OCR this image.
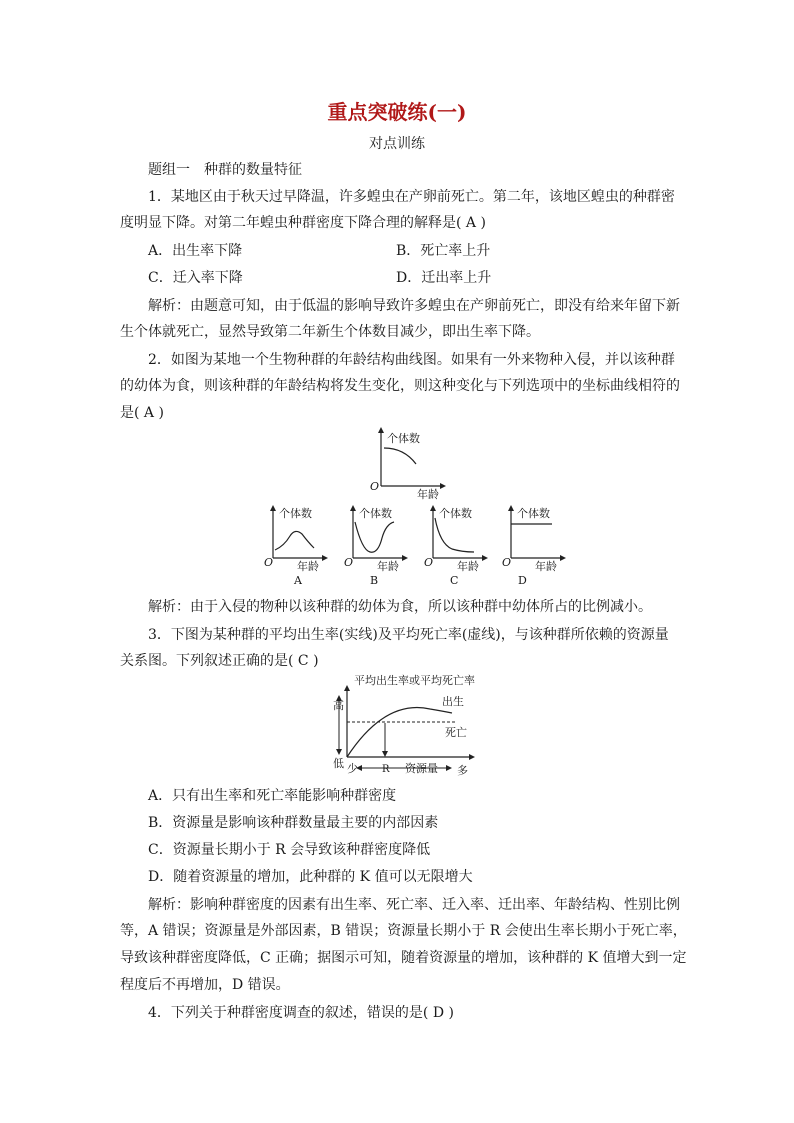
重点突破练(一)
对点训练
题组一　种群的数量特征
1．某地区由于秋天过早降温，许多蝗虫在产卵前死亡。第二年，该地区蝗虫的种群密
度明显下降。对第二年蝗虫种群密度下降合理的解释是( A )
A．出生率下降	B．死亡率上升
C．迁入率下降	D．迁出率上升
解析：由题意可知，由于低温的影响导致许多蝗虫在产卵前死亡，即没有给来年留下新
生个体就死亡，显然导致第二年新生个体数目减少，即出生率下降。
2．如图为某地一个生物种群的年龄结构曲线图。如果有一外来物种入侵，并以该种群
的幼体为食，则该种群的年龄结构将发生变化，则这种变化与下列选项中的坐标曲线相符的
是( A )
个体数
O
年龄
个体数
O 年龄
A
个体数
O 年龄
B
个体数
O 年龄
C
个体数
O 年龄
D
解析：由于入侵的物种以该种群的幼体为食，所以该种群中幼体所占的比例减小。
3．下图为某种群的平均出生率(实线)及平均死亡率(虚线)，与该种群所依赖的资源量
关系图。下列叙述正确的是( C )
平均出生率或平均死亡率
高
低 少 R 资源量 多
出生
死亡
A．只有出生率和死亡率能影响种群密度
B．资源量是影响该种群数量最主要的内部因素
C．资源量长期小于 R 会导致该种群密度降低
D．随着资源量的增加，此种群的 K 值可以无限增大
解析：影响种群密度的因素有出生率、死亡率、迁入率、迁出率、年龄结构、性别比例
等，A 错误；资源量是外部因素，B 错误；资源量长期小于 R 会使出生率长期小于死亡率，
导致该种群密度降低，C 正确；据图示可知，随着资源量的增加，该种群的 K 值增大到一定
程度后不再增加，D 错误。
4．下列关于种群密度调查的叙述，错误的是( D )
